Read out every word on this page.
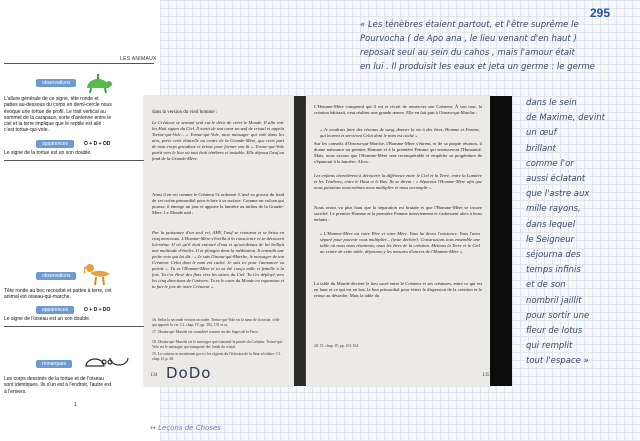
295
LES ANIMAUX
observations
L'allure générale de ce signe, tête ronde et pattes au-dessous du corps en demi-cercle nous évoque une tortue de profil. Le trait vertical au sommet de la carapace, sorte d'antenne entre le ciel et la terre implique que le reptile est ailé : c'est tortue-qui-vole.
apparences	O + D + OD
Le signe de la tortue est un son double.
observations
Tête ronde au bec recourbé et pattes à terre, cet animal est oiseau-qui-marche.
apparences	O + D + DO
Le signe de l'oiseau est un son double.
remarques
Les corps dessinés de la tortue et de l'oiseau sont identiques. Ils s'un est à l'endroit, l'autre est à l'envers.
1
dans la version du vieil homme :
Le Créateur se sentant seul eut le désir de créer le Monde. Il alla voir les Huit signes du Ciel. Il sortit de son cœur un œuf de cristal et appela Tortue-qui-Vole... « Tortue-qui-Vole, mon messager qui vole dans les airs, porte cette étincelle au centre de la Grande-Mère, que cette part de mon corps grandisse et éclose pour former son lit ». Tortue-qui-Vole partit vers le lieu où tout était ténèbres et instable. Elle déposa l'œuf au fond de la Grande-Mère.
Ainsi il en est comme le Créateur l'a ordonné. L'œuf va grossir du fond de cet océan primordial pour éclore à sa surface. Comme un volcan qui pousse, il émerge un jour et apporte la lumière au milieu de la Grande-Mère. Le Monde naît ;
Par la puissance d'un seul cri, AHY, l'œuf se retourna et se brisa en cinq morceaux. L'Homme-Mère s'éveilla à la conscience et se découvrit lui-même. Il vit qu'il était entouré d'eau et qu'au-dessus de lui brillait une multitude d'étoiles. Il se plongea dans la méditation. Il entendit une petite voix qui lui dit : « Je suis Oiseau-qui-Marche, le messager de ton Créateur. Celui dont le nom est caché. Je suis ici pour t'annoncer sa parole ». Tu es l'Homme-Mère et tu as été conçu mâle et femelle à la fois. Tu t'es élevé des flots vers les astres du Ciel. Tu t'es déployé vers les cinq directions de l'univers. Tu es le cœur du Monde en expansion et tu fais le joie de notre Créateur ».
16. Selon la seconde version racontée, Tortue-qui-Vole est la sœur de la tortue, celle qui apporte la vie. Cf. chap. IV, pp. 182, 191 et ss.
17. Oiseau-qui-Marche est considéré comme un des Sages de la Terre.
18. Oiseau-qui-Marche est le messager que transmet la parole du Créateur. Tortue-qui-Vole est le messager qui transporte des fonds du cristal.
19. Le contour se mentionne pas ici les régions du l'éclosion de la fleur séculaire. Cf. chap. II, p. 38.
134 DoDo
L'Homme-Mère comprend qui il est et récoit de remercier son Créateur. À son tour, la création bâtissait, veut réaliser une grande œuvre. Elle en fait part à Oiseau-qui-Marche :
« Je voudrais faire des réseaux de sang, donner la vie à des êtres, Homme et Femme, qui leurent et serviront Celui dont le nom est caché ».
Sur les conseils d'Oiseau-qui-Marche, l'Homme-Mère s'étirent, et de sa propre réunion, il donne naissance au premier Homme et à la première Femme qui entaisseront l'Humanité. Mais, nous savons que l'Homme-Mère sera reconquérable et empêche sa progéniture de s'épanouir à la lumière. Alors :
Les enfants cherchèrent à découvrir la différence entre le Ciel et la Terre, entre la Lumière et les Ténèbres, entre le Haut et le Bas. Ils se dirent : « Séparons l'Homme-Mère afin que nous puissions nous-mêmes nous multiplier et nous accomplir ».
Nous avons vu plus haut que la séparation est brutale et que l'Homme-Mère se trouve sacrifié. Le premier Homme et la première Femme interviennent et s'adressent alors à leurs enfants :
« L'Homme-Mère est votre Père et votre Mère. Vous lui devez l'existence. Vous l'avez séparé pour pouvoir vous multiplier... (texte déchiré). Construisons tous ensemble une table où nous nous réunirons, nous les êtres de la création. Mettons la Terre et le Ciel au centre de cette table, déposons-y les mesures d'ancres de l'Homme-Mère ».
La table du Monde devient le lieu sacré entre le Créateur et ses créatures, entre ce qui est en haut et ce qui est en bas, le lien primordial pour éviter la dispersion de la création et le retour au désordre. Mais la table du
20. Cf. chap. IV, pp. 101-104.
135
« Les ténèbres étaient partout, et l'être suprême le
Pourvocha ( de Apo ana , le lieu venant d'en haut )
reposait seul au sein du cahos , mais l'amour était
en lui . Il produisit les eaux et jeta un germe : le germe
dans le sein
de Maxime, devint
un œuf
brillant
comme l'or
aussi éclatant
que l'astre aux
mille rayons,
dans lequel
le Seigneur
séjourna des
temps infinis
et de son
nombril jaillit
pour sortir une
fleur de lotus
qui remplit
tout l'espace »
↔ Leçons de Choses
